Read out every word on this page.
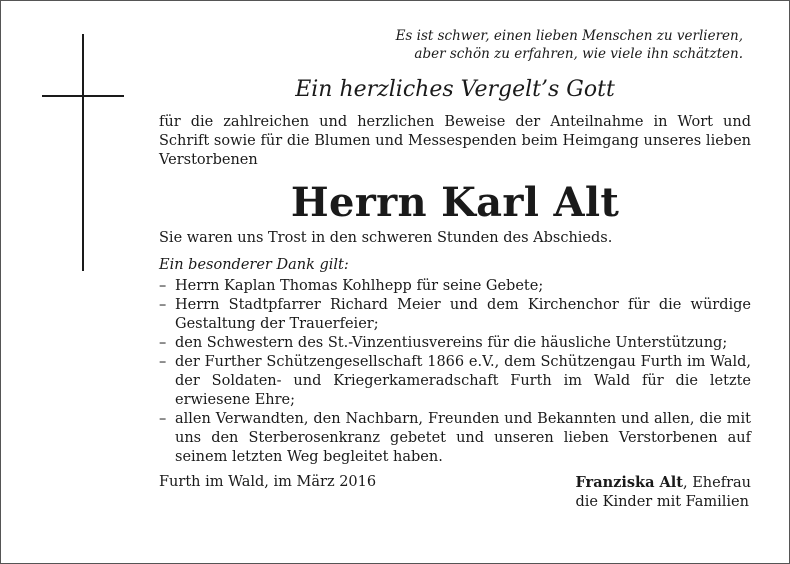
Es ist schwer, einen lieben Menschen zu verlieren,
aber schön zu erfahren, wie viele ihn schätzten.
Ein herzliches Vergelt’s Gott
für die zahlreichen und herzlichen Beweise der Anteilnahme in Wort und Schrift sowie für die Blumen und Messespenden beim Heimgang unseres lieben Verstorbenen
Herrn Karl Alt
Sie waren uns Trost in den schweren Stunden des Abschieds.
Ein besonderer Dank gilt:
– Herrn Kaplan Thomas Kohlhepp für seine Gebete;
– Herrn Stadtpfarrer Richard Meier und dem Kirchenchor für die würdige Gestaltung der Trauerfeier;
– den Schwestern des St.-Vinzentiusvereins für die häusliche Unterstützung;
– der Further Schützengesellschaft 1866 e.V., dem Schützengau Furth im Wald, der Soldaten- und Kriegerkameradschaft Furth im Wald für die letzte erwiesene Ehre;
– allen Verwandten, den Nachbarn, Freunden und Bekannten und allen, die mit uns den Sterberosenkranz gebetet und unseren lieben Verstorbenen auf seinem letzten Weg begleitet haben.
Furth im Wald, im März 2016	Franziska Alt, Ehefrau
die Kinder mit Familien
